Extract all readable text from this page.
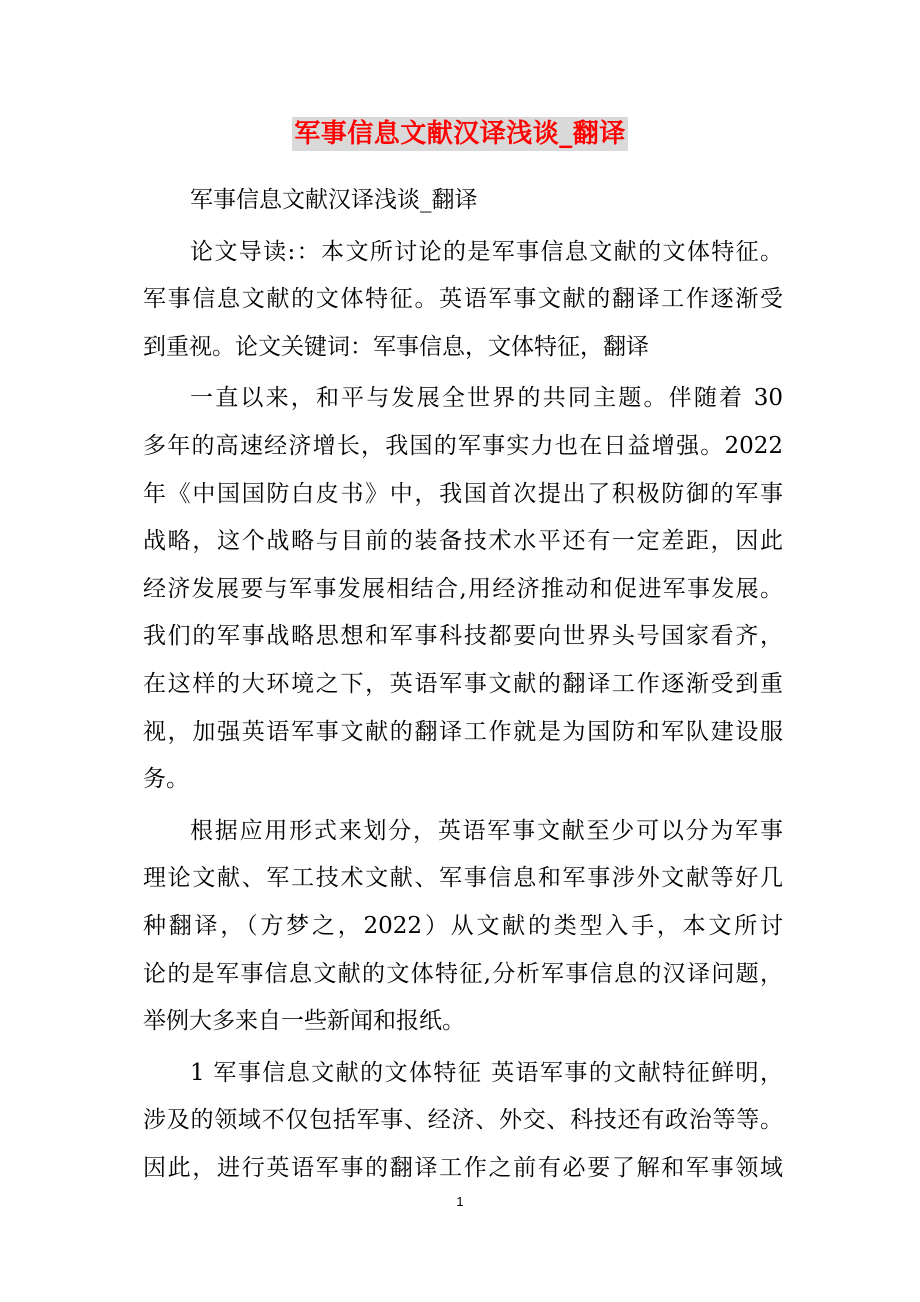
军事信息文献汉译浅谈_翻译
军事信息文献汉译浅谈_翻译
论文导读:：本文所讨论的是军事信息文献的文体特征。
军事信息文献的文体特征。英语军事文献的翻译工作逐渐受
到重视。论文关键词：军事信息，文体特征，翻译
一直以来，和平与发展全世界的共同主题。伴随着 30
多年的高速经济增长，我国的军事实力也在日益增强。2022
年《中国国防白皮书》中，我国首次提出了积极防御的军事
战略，这个战略与目前的装备技术水平还有一定差距，因此
经济发展要与军事发展相结合,用经济推动和促进军事发展。
我们的军事战略思想和军事科技都要向世界头号国家看齐，
在这样的大环境之下，英语军事文献的翻译工作逐渐受到重
视，加强英语军事文献的翻译工作就是为国防和军队建设服
务。
根据应用形式来划分，英语军事文献至少可以分为军事
理论文献、军工技术文献、军事信息和军事涉外文献等好几
种翻译，（方梦之，2022）从文献的类型入手，本文所讨
论的是军事信息文献的文体特征,分析军事信息的汉译问题，
举例大多来自一些新闻和报纸。
1 军事信息文献的文体特征 英语军事的文献特征鲜明，
涉及的领域不仅包括军事、经济、外交、科技还有政治等等。
因此，进行英语军事的翻译工作之前有必要了解和军事领域
1
